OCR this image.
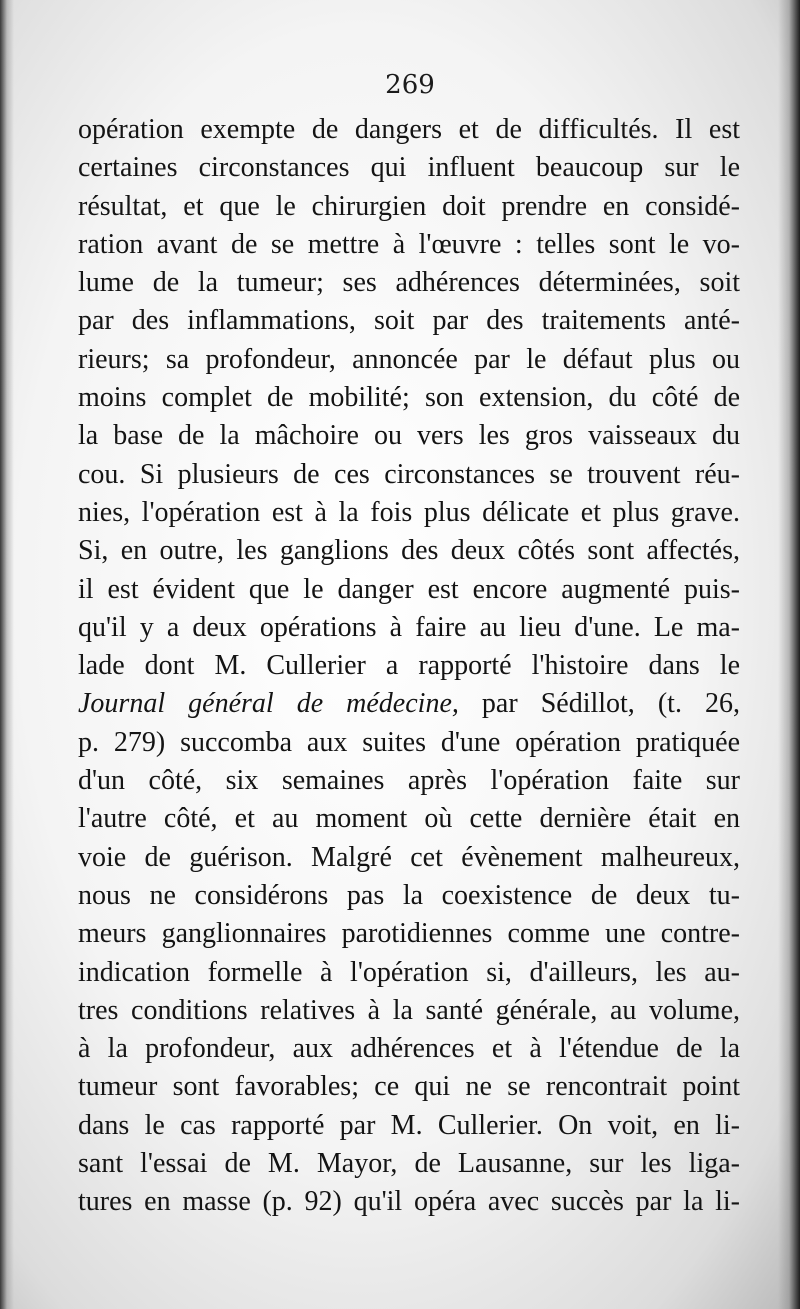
269
opération exempte de dangers et de difficultés. Il est
certaines circonstances qui influent beaucoup sur le
résultat, et que le chirurgien doit prendre en considé-
ration avant de se mettre à l'œuvre : telles sont le vo-
lume de la tumeur; ses adhérences déterminées, soit
par des inflammations, soit par des traitements anté-
rieurs; sa profondeur, annoncée par le défaut plus ou
moins complet de mobilité; son extension, du côté de
la base de la mâchoire ou vers les gros vaisseaux du
cou. Si plusieurs de ces circonstances se trouvent réu-
nies, l'opération est à la fois plus délicate et plus grave.
Si, en outre, les ganglions des deux côtés sont affectés,
il est évident que le danger est encore augmenté puis-
qu'il y a deux opérations à faire au lieu d'une. Le ma-
lade dont M. Cullerier a rapporté l'histoire dans le
Journal général de médecine, par Sédillot, (t. 26,
p. 279) succomba aux suites d'une opération pratiquée
d'un côté, six semaines après l'opération faite sur
l'autre côté, et au moment où cette dernière était en
voie de guérison. Malgré cet évènement malheureux,
nous ne considérons pas la coexistence de deux tu-
meurs ganglionnaires parotidiennes comme une contre-
indication formelle à l'opération si, d'ailleurs, les au-
tres conditions relatives à la santé générale, au volume,
à la profondeur, aux adhérences et à l'étendue de la
tumeur sont favorables; ce qui ne se rencontrait point
dans le cas rapporté par M. Cullerier. On voit, en li-
sant l'essai de M. Mayor, de Lausanne, sur les liga-
tures en masse (p. 92) qu'il opéra avec succès par la li-
